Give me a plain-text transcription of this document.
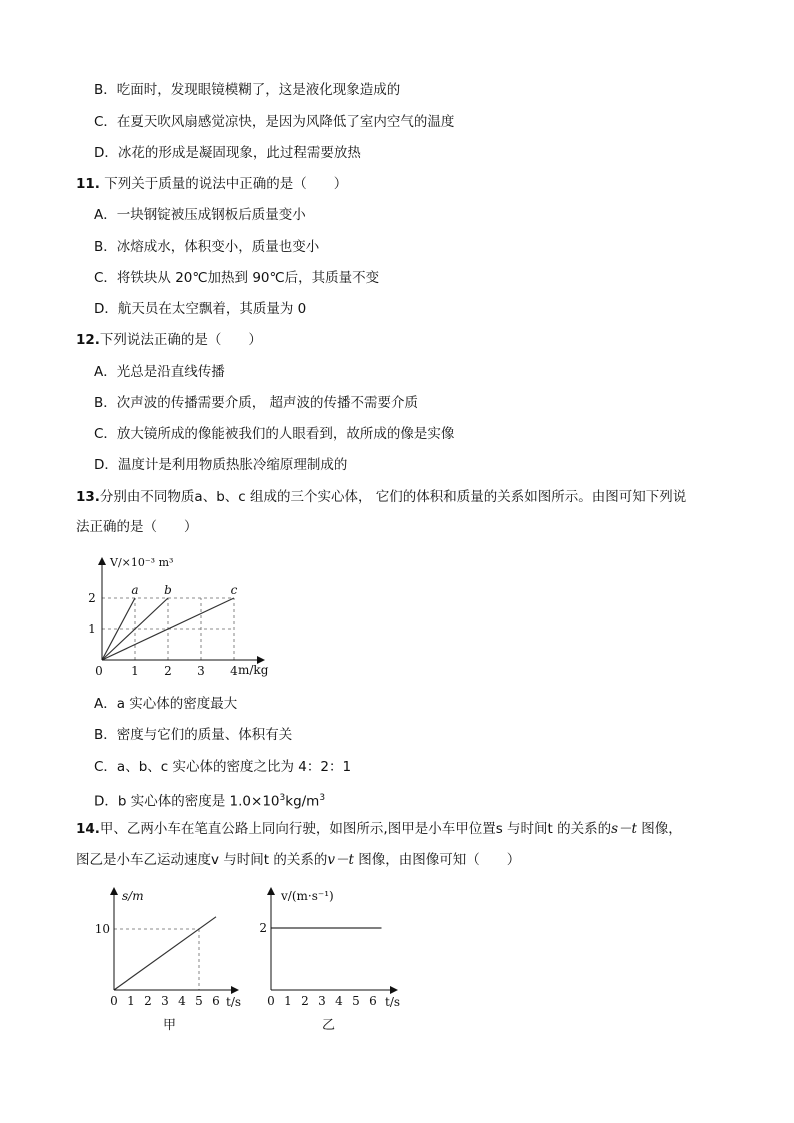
B．吃面时，发现眼镜模糊了，这是液化现象造成的
C．在夏天吹风扇感觉凉快，是因为风降低了室内空气的温度
D．冰花的形成是凝固现象，此过程需要放热
11. 下列关于质量的说法中正确的是（　　）
A．一块钢锭被压成钢板后质量变小
B．冰熔成水，体积变小，质量也变小
C．将铁块从 20℃加热到 90℃后，其质量不变
D．航天员在太空飘着，其质量为 0
12.下列说法正确的是（　　）
A．光总是沿直线传播
B．次声波的传播需要介质， 超声波的传播不需要介质
C．放大镜所成的像能被我们的人眼看到，故所成的像是实像
D．温度计是利用物质热胀冷缩原理制成的
13.分别由不同物质a、b、c 组成的三个实心体， 它们的体积和质量的关系如图所示。由图可知下列说
法正确的是（　　）
1
2
0 1 2 3 4
a b	c
V/×10⁻³ m³
m/kg
A．a 实心体的密度最大
B．密度与它们的质量、体积有关
C．a、b、c 实心体的密度之比为 4：2：1
D．b 实心体的密度是 $1.0\times 10^3kg/m^3$
14.甲、乙两小车在笔直公路上同向行驶，如图所示,图甲是小车甲位置s 与时间t 的关系的s－t 图像，
图乙是小车乙运动速度v 与时间t 的关系的v－t 图像，由图像可知（　　）
0 1 2 3 4 5 6
10
s/m
t/s
甲
0 1 2 3 4 5 6
2
v/(m·s⁻¹)
t/s
乙
